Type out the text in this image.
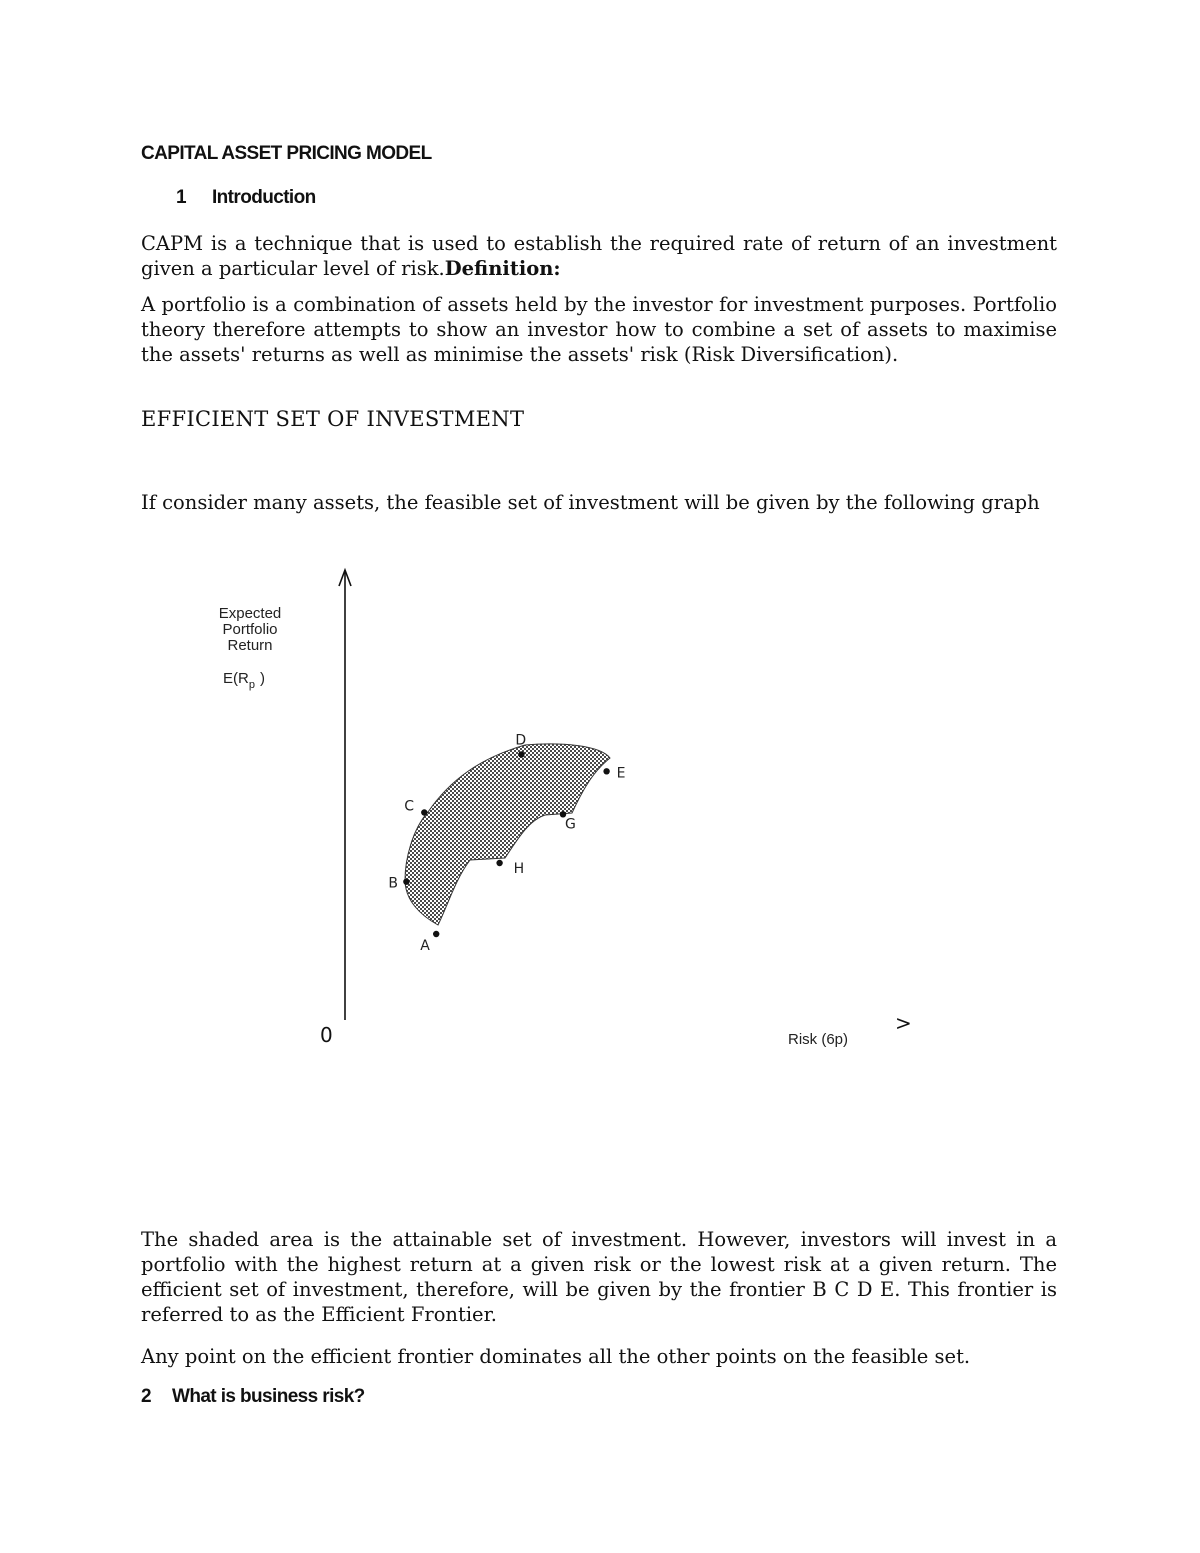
CAPITAL ASSET PRICING MODEL
1 Introduction

CAPM is a technique that is used to establish the required rate of return of an investment given a particular level of risk.Definition:

A portfolio is a combination of assets held by the investor for investment purposes. Portfolio theory therefore attempts to show an investor how to combine a set of assets to maximise the assets' returns as well as minimise the assets' risk (Risk Diversification).

EFFICIENT SET OF INVESTMENT

If consider many assets, the feasible set of investment will be given by the following graph

0
Expected
Portfolio
Return
$E(R_p$ )
Risk (6p)
>
A
B
C
D
E
G
H

The shaded area is the attainable set of investment. However, investors will invest in a portfolio with the highest return at a given risk or the lowest risk at a given return. The efficient set of investment, therefore, will be given by the frontier B C D E. This frontier is referred to as the Efficient Frontier.

Any point on the efficient frontier dominates all the other points on the feasible set.

2 What is business risk?
